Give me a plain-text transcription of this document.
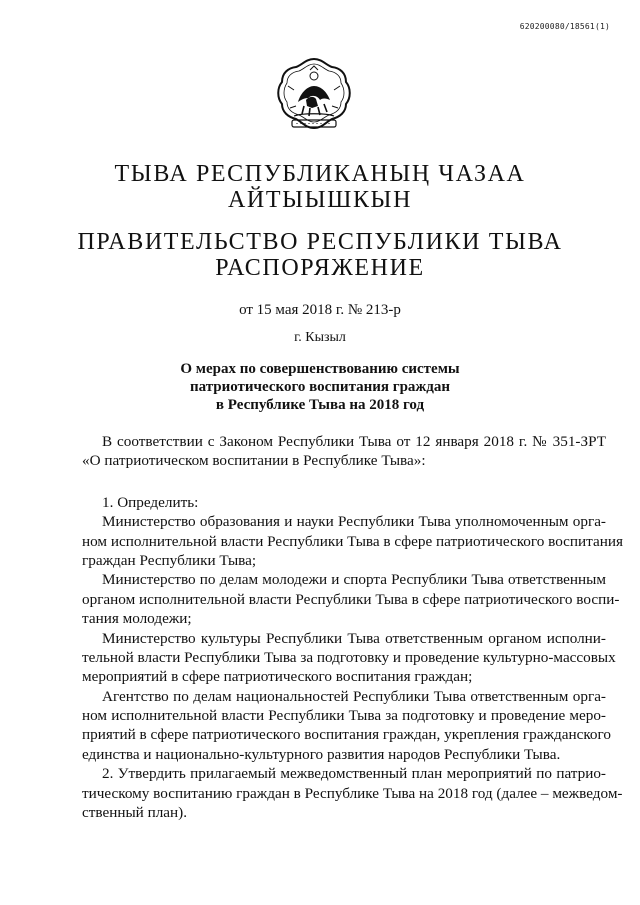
620200080/18561(1)
ТЫВА РЕСПУБЛИКАНЫҢ ЧАЗАА
АЙТЫЫШКЫН
ПРАВИТЕЛЬСТВО РЕСПУБЛИКИ ТЫВА
РАСПОРЯЖЕНИЕ
от 15 мая 2018 г. № 213-р
г. Кызыл
О мерах по совершенствованию системы
патриотического воспитания граждан
в Республике Тыва на 2018 год
В соответствии с Законом Республики Тыва от 12 января 2018 г. № 351-ЗРТ
«О патриотическом воспитании в Республике Тыва»:
1. Определить:
Министерство образования и науки Республики Тыва уполномоченным орга-
ном исполнительной власти Республики Тыва в сфере патриотического воспитания
граждан Республики Тыва;
Министерство по делам молодежи и спорта Республики Тыва ответственным
органом исполнительной власти Республики Тыва в сфере патриотического воспи-
тания молодежи;
Министерство культуры Республики Тыва ответственным органом исполни-
тельной власти Республики Тыва за подготовку и проведение культурно-массовых
мероприятий в сфере патриотического воспитания граждан;
Агентство по делам национальностей Республики Тыва ответственным орга-
ном исполнительной власти Республики Тыва за подготовку и проведение меро-
приятий в сфере патриотического воспитания граждан, укрепления гражданского
единства и национально-культурного развития народов Республики Тыва.
2. Утвердить прилагаемый межведомственный план мероприятий по патрио-
тическому воспитанию граждан в Республике Тыва на 2018 год (далее – межведом-
ственный план).
